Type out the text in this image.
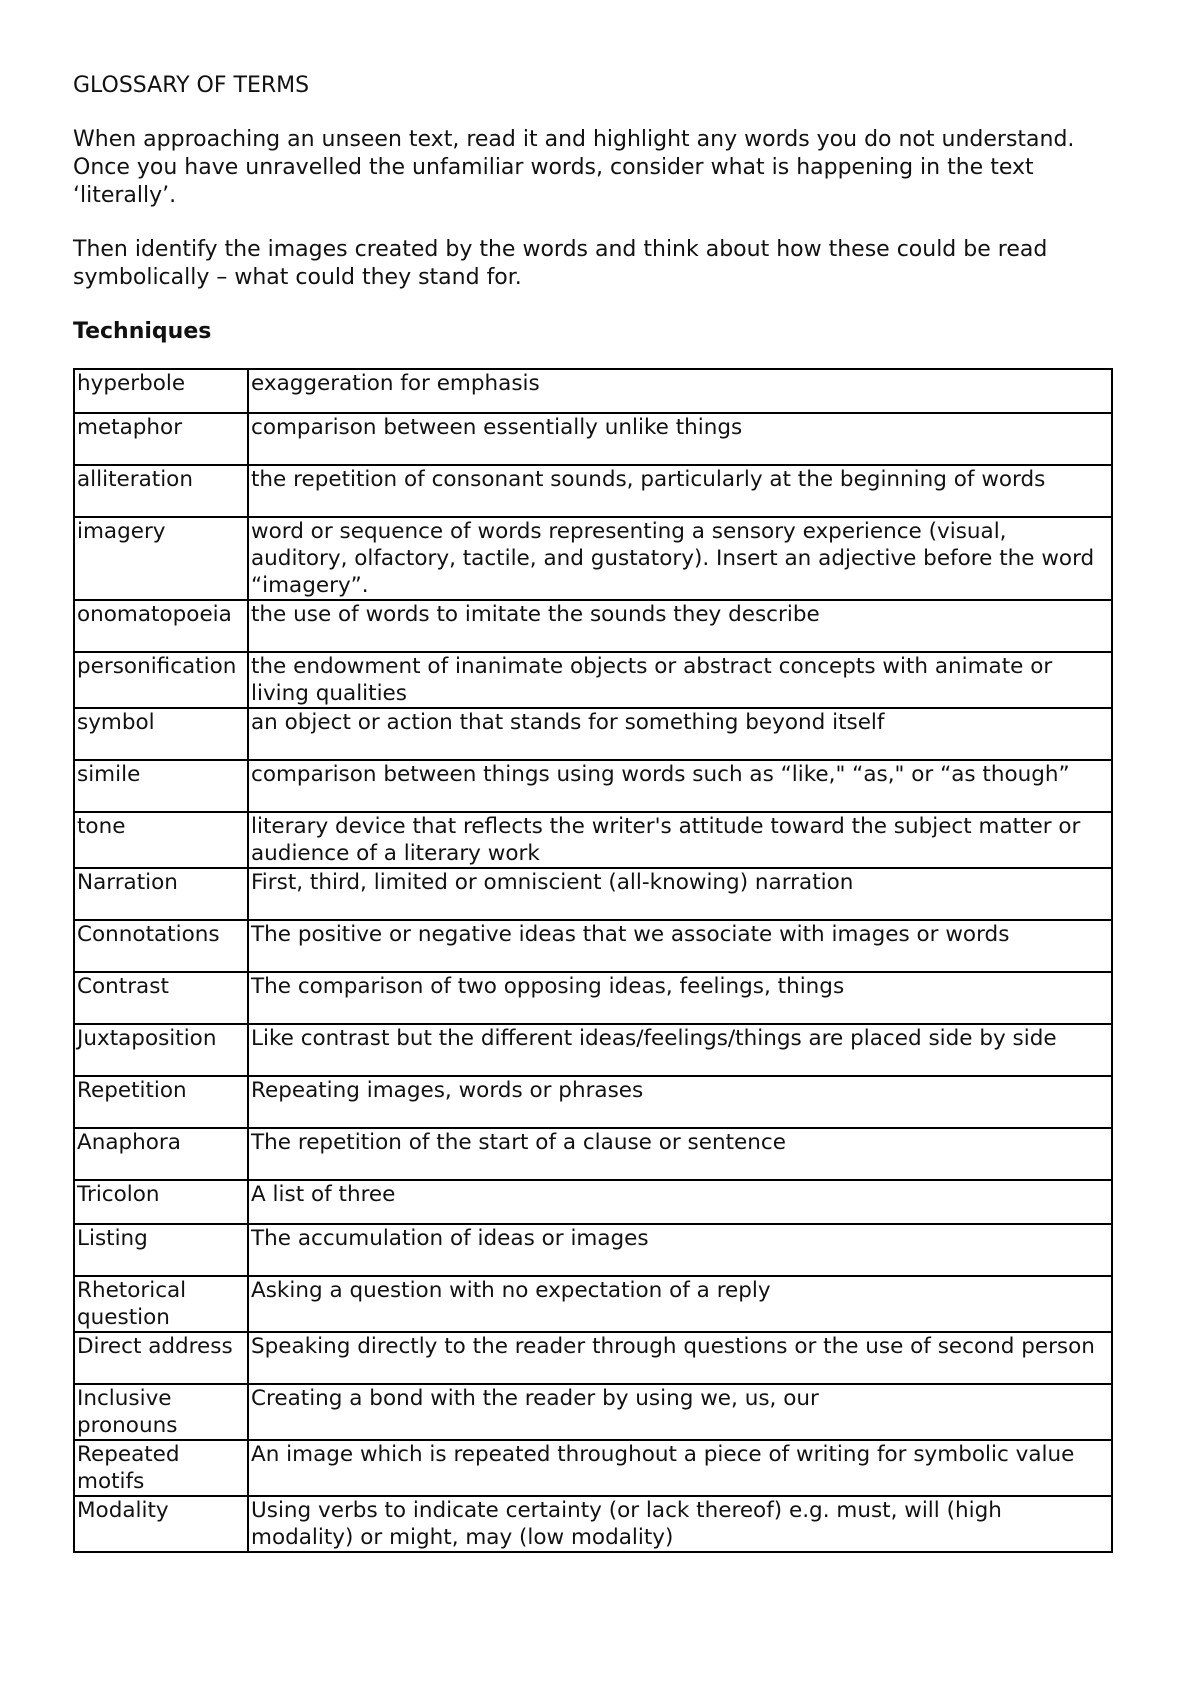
GLOSSARY OF TERMS

When approaching an unseen text, read it and highlight any words you do not understand. Once you have unravelled the unfamiliar words, consider what is happening in the text ‘literally’.

Then identify the images created by the words and think about how these could be read symbolically – what could they stand for.

Techniques
hyperbole	exaggeration for emphasis
metaphor	comparison between essentially unlike things
alliteration	the repetition of consonant sounds, particularly at the beginning of words
imagery	word or sequence of words representing a sensory experience (visual, auditory, olfactory, tactile, and gustatory). Insert an adjective before the word “imagery”.
onomatopoeia	the use of words to imitate the sounds they describe
personification	the endowment of inanimate objects or abstract concepts with animate or living qualities
symbol	an object or action that stands for something beyond itself
simile	comparison between things using words such as “like," “as," or “as though”
tone	literary device that reflects the writer's attitude toward the subject matter or audience of a literary work
Narration	First, third, limited or omniscient (all-knowing) narration
Connotations	The positive or negative ideas that we associate with images or words
Contrast	The comparison of two opposing ideas, feelings, things
Juxtaposition	Like contrast but the different ideas/feelings/things are placed side by side
Repetition	Repeating images, words or phrases
Anaphora	The repetition of the start of a clause or sentence
Tricolon	A list of three
Listing	The accumulation of ideas or images
Rhetorical question	Asking a question with no expectation of a reply
Direct address	Speaking directly to the reader through questions or the use of second person
Inclusive pronouns	Creating a bond with the reader by using we, us, our
Repeated motifs	An image which is repeated throughout a piece of writing for symbolic value
Modality	Using verbs to indicate certainty (or lack thereof) e.g. must, will (high modality) or might, may (low modality)
